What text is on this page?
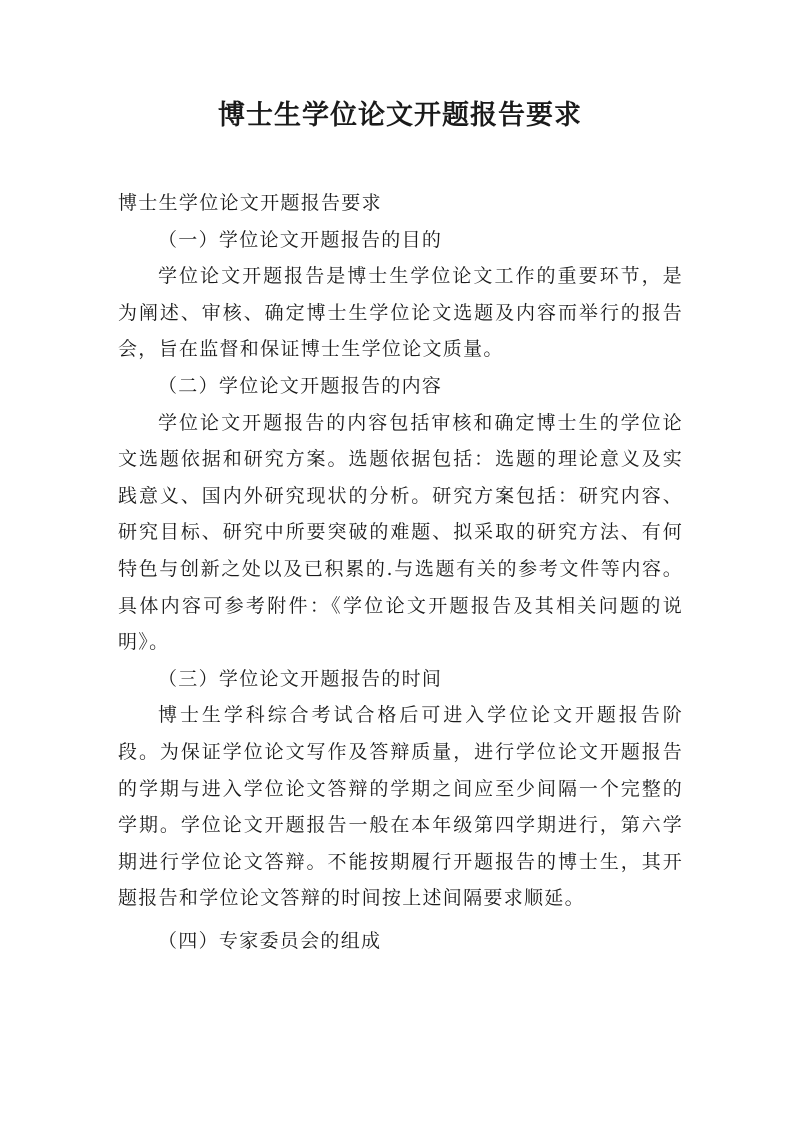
博士生学位论文开题报告要求

博士生学位论文开题报告要求

（一）学位论文开题报告的目的

学位论文开题报告是博士生学位论文工作的重要环节，是为阐述、审核、确定博士生学位论文选题及内容而举行的报告会，旨在监督和保证博士生学位论文质量。

（二）学位论文开题报告的内容

学位论文开题报告的内容包括审核和确定博士生的学位论文选题依据和研究方案。选题依据包括：选题的理论意义及实践意义、国内外研究现状的分析。研究方案包括：研究内容、研究目标、研究中所要突破的难题、拟采取的研究方法、有何特色与创新之处以及已积累的.与选题有关的参考文件等内容。具体内容可参考附件：《学位论文开题报告及其相关问题的说明》。

（三）学位论文开题报告的时间

博士生学科综合考试合格后可进入学位论文开题报告阶段。为保证学位论文写作及答辩质量，进行学位论文开题报告的学期与进入学位论文答辩的学期之间应至少间隔一个完整的学期。学位论文开题报告一般在本年级第四学期进行，第六学期进行学位论文答辩。不能按期履行开题报告的博士生，其开题报告和学位论文答辩的时间按上述间隔要求顺延。

（四）专家委员会的组成
